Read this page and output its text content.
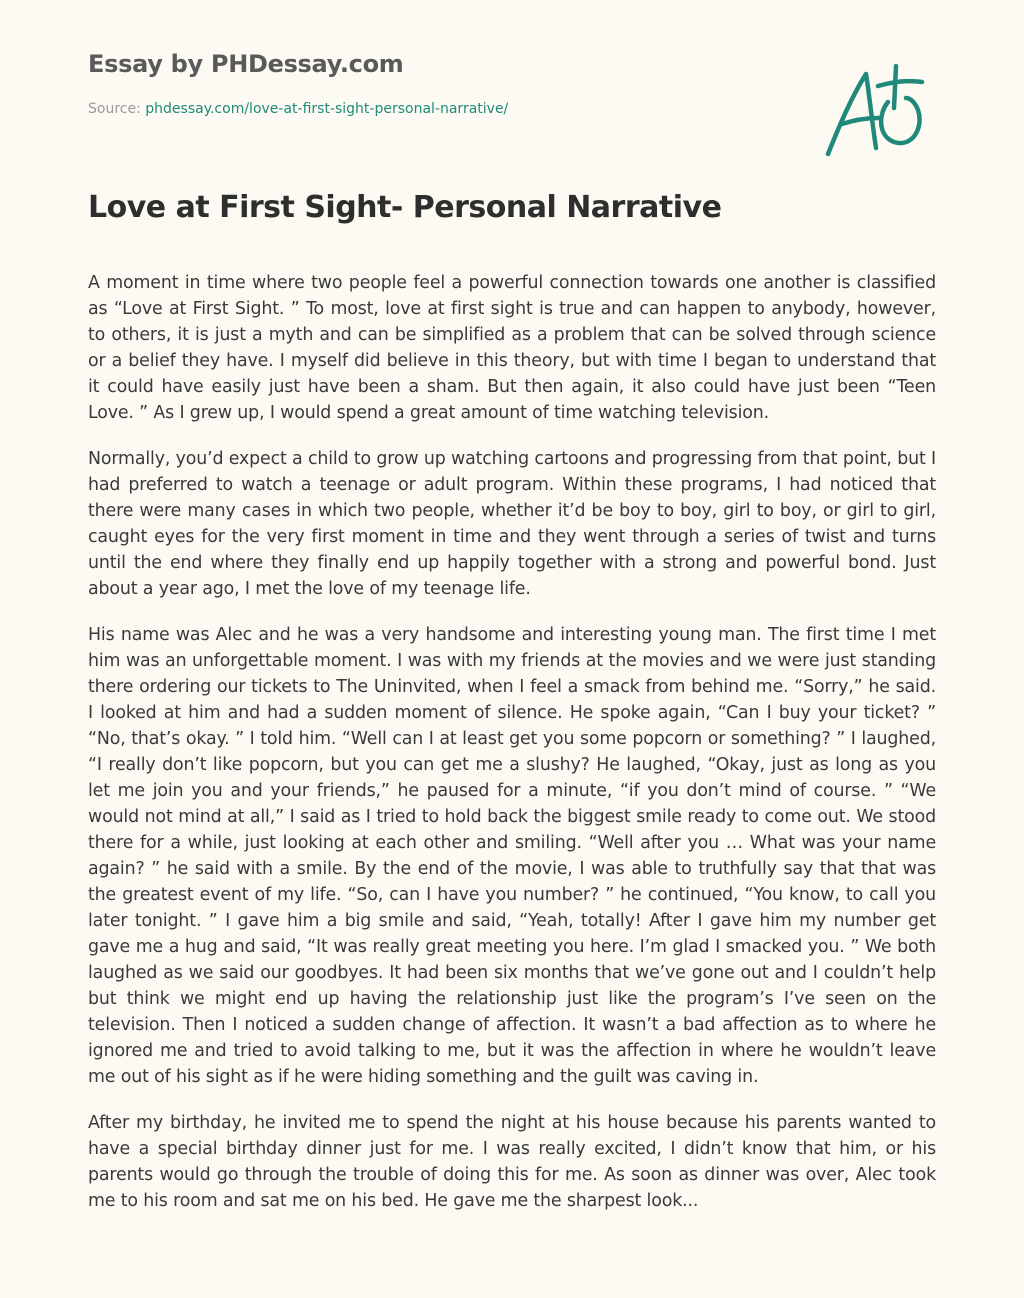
Essay by PHDessay.com
Source: phdessay.com/love-at-first-sight-personal-narrative/
Love at First Sight- Personal Narrative

A moment in time where two people feel a powerful connection towards one another is classified as “Love at First Sight. ” To most, love at first sight is true and can happen to anybody, however, to others, it is just a myth and can be simplified as a problem that can be solved through science or a belief they have. I myself did believe in this theory, but with time I began to understand that it could have easily just have been a sham. But then again, it also could have just been “Teen Love. ” As I grew up, I would spend a great amount of time watching television.

Normally, you’d expect a child to grow up watching cartoons and progressing from that point, but I had preferred to watch a teenage or adult program. Within these programs, I had noticed that there were many cases in which two people, whether it’d be boy to boy, girl to boy, or girl to girl, caught eyes for the very first moment in time and they went through a series of twist and turns until the end where they finally end up happily together with a strong and powerful bond. Just about a year ago, I met the love of my teenage life.

His name was Alec and he was a very handsome and interesting young man. The first time I met him was an unforgettable moment. I was with my friends at the movies and we were just standing there ordering our tickets to The Uninvited, when I feel a smack from behind me. “Sorry,” he said. I looked at him and had a sudden moment of silence. He spoke again, “Can I buy your ticket? ” “No, that’s okay. ” I told him. “Well can I at least get you some popcorn or something? ” I laughed, “I really don’t like popcorn, but you can get me a slushy? He laughed, “Okay, just as long as you let me join you and your friends,” he paused for a minute, “if you don’t mind of course. ” “We would not mind at all,” I said as I tried to hold back the biggest smile ready to come out. We stood there for a while, just looking at each other and smiling. “Well after you … What was your name again? ” he said with a smile. By the end of the movie, I was able to truthfully say that that was the greatest event of my life. “So, can I have you number? ” he continued, “You know, to call you later tonight. ” I gave him a big smile and said, “Yeah, totally! After I gave him my number get gave me a hug and said, “It was really great meeting you here. I’m glad I smacked you. ” We both laughed as we said our goodbyes. It had been six months that we’ve gone out and I couldn’t help but think we might end up having the relationship just like the program’s I’ve seen on the television. Then I noticed a sudden change of affection. It wasn’t a bad affection as to where he ignored me and tried to avoid talking to me, but it was the affection in where he wouldn’t leave me out of his sight as if he were hiding something and the guilt was caving in.

After my birthday, he invited me to spend the night at his house because his parents wanted to have a special birthday dinner just for me. I was really excited, I didn’t know that him, or his parents would go through the trouble of doing this for me. As soon as dinner was over, Alec took me to his room and sat me on his bed. He gave me the sharpest look...
